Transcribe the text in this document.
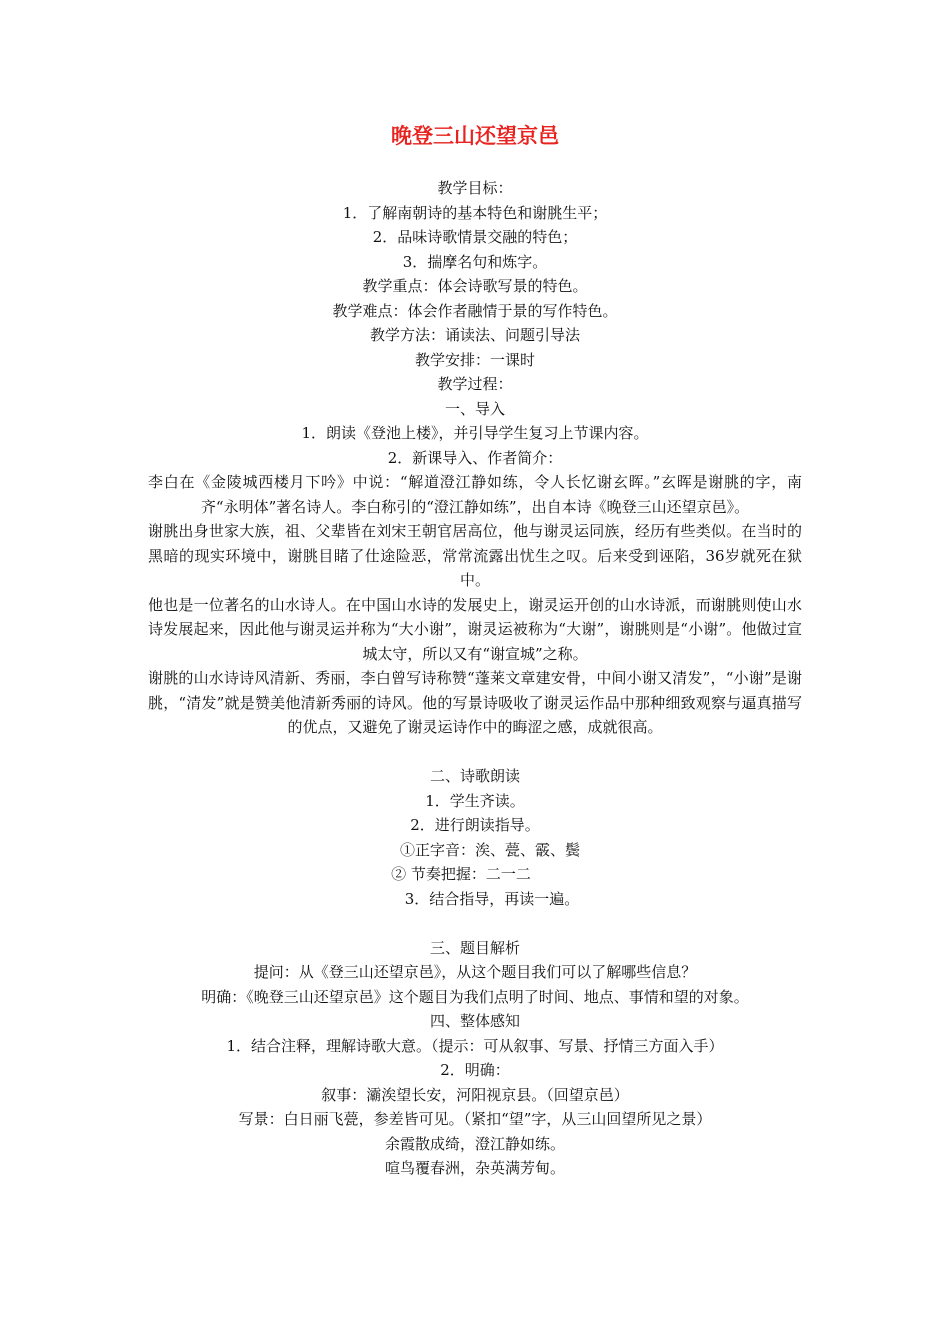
晚登三山还望京邑
教学目标：
1．了解南朝诗的基本特色和谢朓生平；
2．品味诗歌情景交融的特色；
3．揣摩名句和炼字。
教学重点：体会诗歌写景的特色。
教学难点：体会作者融情于景的写作特色。
教学方法：诵读法、问题引导法
教学安排：一课时
教学过程：
一、导入
1．朗读《登池上楼》，并引导学生复习上节课内容。
2．新课导入、作者简介：
李白在《金陵城西楼月下吟》中说：“解道澄江静如练，令人长忆谢玄晖。”玄晖是谢朓的字，南齐“永明体”著名诗人。李白称引的“澄江静如练”，出自本诗《晚登三山还望京邑》。
谢朓出身世家大族，祖、父辈皆在刘宋王朝官居高位，他与谢灵运同族，经历有些类似。在当时的黑暗的现实环境中，谢朓目睹了仕途险恶，常常流露出忧生之叹。后来受到诬陷，36岁就死在狱中。
他也是一位著名的山水诗人。在中国山水诗的发展史上，谢灵运开创的山水诗派，而谢朓则使山水诗发展起来，因此他与谢灵运并称为“大小谢”，谢灵运被称为“大谢”，谢朓则是“小谢”。他做过宣城太守，所以又有“谢宣城”之称。
谢朓的山水诗诗风清新、秀丽，李白曾写诗称赞“蓬莱文章建安骨，中间小谢又清发”，“小谢”是谢朓，“清发”就是赞美他清新秀丽的诗风。他的写景诗吸收了谢灵运作品中那种细致观察与逼真描写的优点，又避免了谢灵运诗作中的晦涩之感，成就很高。
二、诗歌朗读
1．学生齐读。
2．进行朗读指导。
①正字音：涘、甍、霰、鬓
② 节奏把握：二一二
3．结合指导，再读一遍。
三、题目解析
提问：从《登三山还望京邑》，从这个题目我们可以了解哪些信息？
明确：《晚登三山还望京邑》这个题目为我们点明了时间、地点、事情和望的对象。
四、整体感知
1．结合注释，理解诗歌大意。（提示：可从叙事、写景、抒情三方面入手）
2．明确：
叙事：灞涘望长安，河阳视京县。（回望京邑）
写景：白日丽飞甍，参差皆可见。（紧扣“望”字，从三山回望所见之景）
余霞散成绮，澄江静如练。
喧鸟覆春洲，杂英满芳甸。
